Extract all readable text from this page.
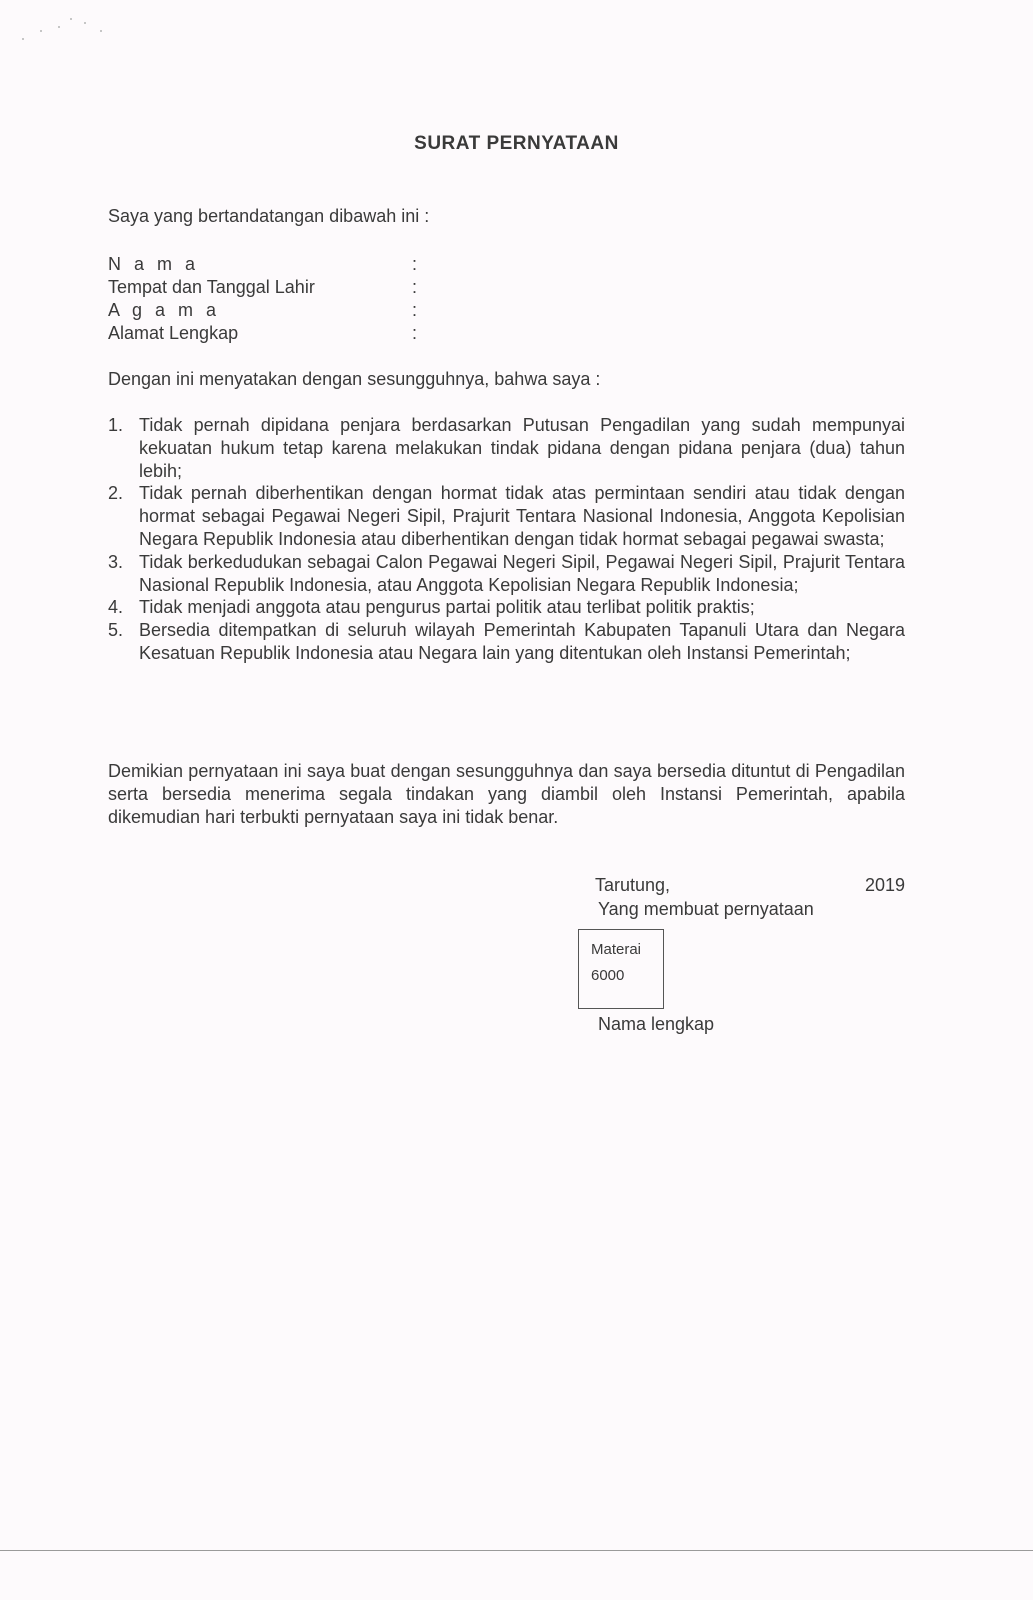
SURAT PERNYATAAN
Saya yang bertandatangan dibawah ini :
N a m a	:
Tempat dan Tanggal Lahir	:
A g a m a	:
Alamat Lengkap	:
Dengan ini menyatakan dengan sesungguhnya, bahwa saya :
1. Tidak pernah dipidana penjara berdasarkan Putusan Pengadilan yang sudah mempunyai kekuatan hukum tetap karena melakukan tindak pidana dengan pidana penjara (dua) tahun lebih;
2. Tidak pernah diberhentikan dengan hormat tidak atas permintaan sendiri atau tidak dengan hormat sebagai Pegawai Negeri Sipil, Prajurit Tentara Nasional Indonesia, Anggota Kepolisian Negara Republik Indonesia atau diberhentikan dengan tidak hormat sebagai pegawai swasta;
3. Tidak berkedudukan sebagai Calon Pegawai Negeri Sipil, Pegawai Negeri Sipil, Prajurit Tentara Nasional Republik Indonesia, atau Anggota Kepolisian Negara Republik Indonesia;
4. Tidak menjadi anggota atau pengurus partai politik atau terlibat politik praktis;
5. Bersedia ditempatkan di seluruh wilayah Pemerintah Kabupaten Tapanuli Utara dan Negara Kesatuan Republik Indonesia atau Negara lain yang ditentukan oleh Instansi Pemerintah;
Demikian pernyataan ini saya buat dengan sesungguhnya dan saya bersedia dituntut di Pengadilan serta bersedia menerima segala tindakan yang diambil oleh Instansi Pemerintah, apabila dikemudian hari terbukti pernyataan saya ini tidak benar.
Tarutung,	2019
Yang membuat pernyataan
Materai
6000
Nama lengkap
